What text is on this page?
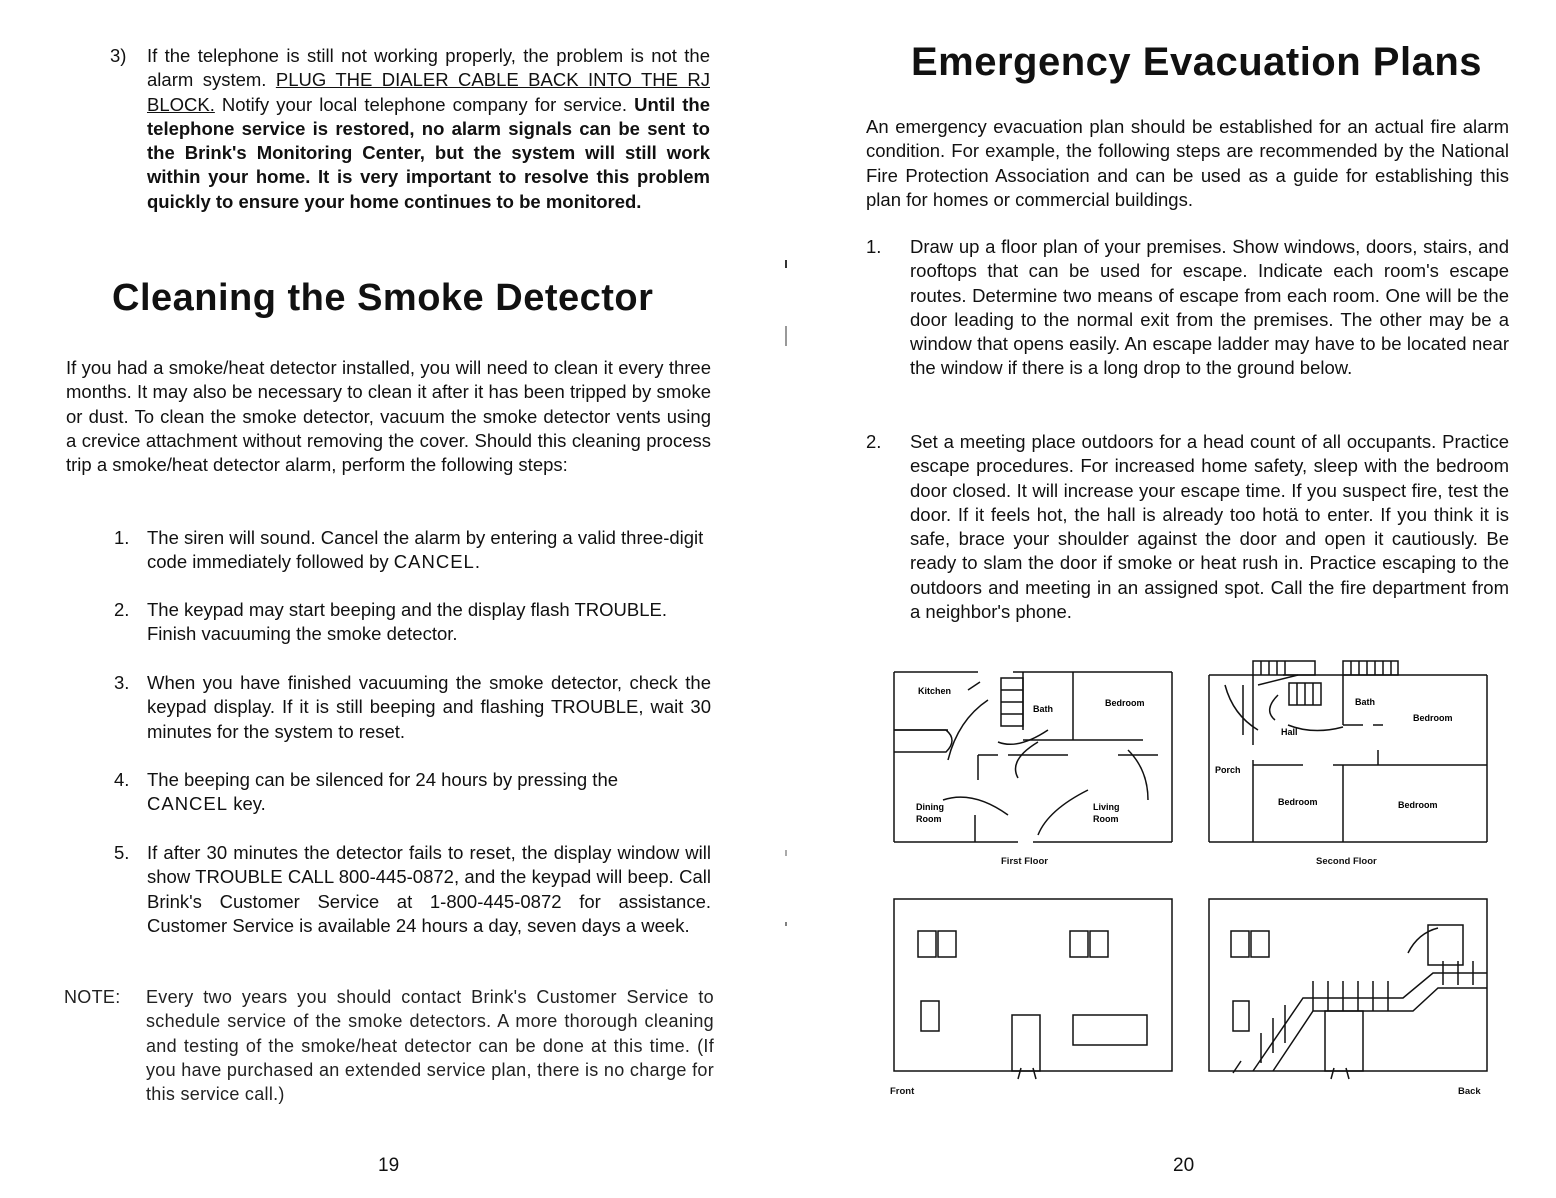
3) If the telephone is still not working properly, the problem is not the alarm system. PLUG THE DIALER CABLE BACK INTO THE RJ BLOCK. Notify your local telephone company for service. Until the telephone service is restored, no alarm signals can be sent to the Brink's Monitoring Center, but the system will still work within your home. It is very important to resolve this problem quickly to ensure your home continues to be monitored.
Cleaning the Smoke Detector
If you had a smoke/heat detector installed, you will need to clean it every three months. It may also be necessary to clean it after it has been tripped by smoke or dust. To clean the smoke detector, vacuum the smoke detector vents using a crevice attachment without removing the cover. Should this cleaning process trip a smoke/heat detector alarm, perform the following steps:
1. The siren will sound. Cancel the alarm by entering a valid three-digit code immediately followed by CANCEL.
2. The keypad may start beeping and the display flash TROUBLE. Finish vacuuming the smoke detector.
3. When you have finished vacuuming the smoke detector, check the keypad display. If it is still beeping and flashing TROUBLE, wait 30 minutes for the system to reset.
4. The beeping can be silenced for 24 hours by pressing the CANCEL key.
5. If after 30 minutes the detector fails to reset, the display window will show TROUBLE CALL 800-445-0872, and the keypad will beep. Call Brink's Customer Service at 1-800-445-0872 for assistance. Customer Service is available 24 hours a day, seven days a week.
NOTE: Every two years you should contact Brink's Customer Service to schedule service of the smoke detectors. A more thorough cleaning and testing of the smoke/heat detector can be done at this time. (If you have purchased an extended service plan, there is no charge for this service call.)
19
Emergency Evacuation Plans
An emergency evacuation plan should be established for an actual fire alarm condition. For example, the following steps are recommended by the National Fire Protection Association and can be used as a guide for establishing this plan for homes or commercial buildings.
1. Draw up a floor plan of your premises. Show windows, doors, stairs, and rooftops that can be used for escape. Indicate each room's escape routes. Determine two means of escape from each room. One will be the door leading to the normal exit from the premises. The other may be a window that opens easily. An escape ladder may have to be located near the window if there is a long drop to the ground below.
2. Set a meeting place outdoors for a head count of all occupants. Practice escape procedures. For increased home safety, sleep with the bedroom door closed. It will increase your escape time. If you suspect fire, test the door. If it feels hot, the hall is already too hotä to enter. If you think it is safe, brace your shoulder against the door and open it cautiously. Be ready to slam the door if smoke or heat rush in. Practice escaping to the outdoors and meeting in an assigned spot. Call the fire department from a neighbor's phone.
Kitchen
Bath
Bedroom
Dining
Room
Living
Room
First Floor
Bath
Bedroom
Hall
Porch
Bedroom	Bedroom
Second Floor
Front	Back
20
